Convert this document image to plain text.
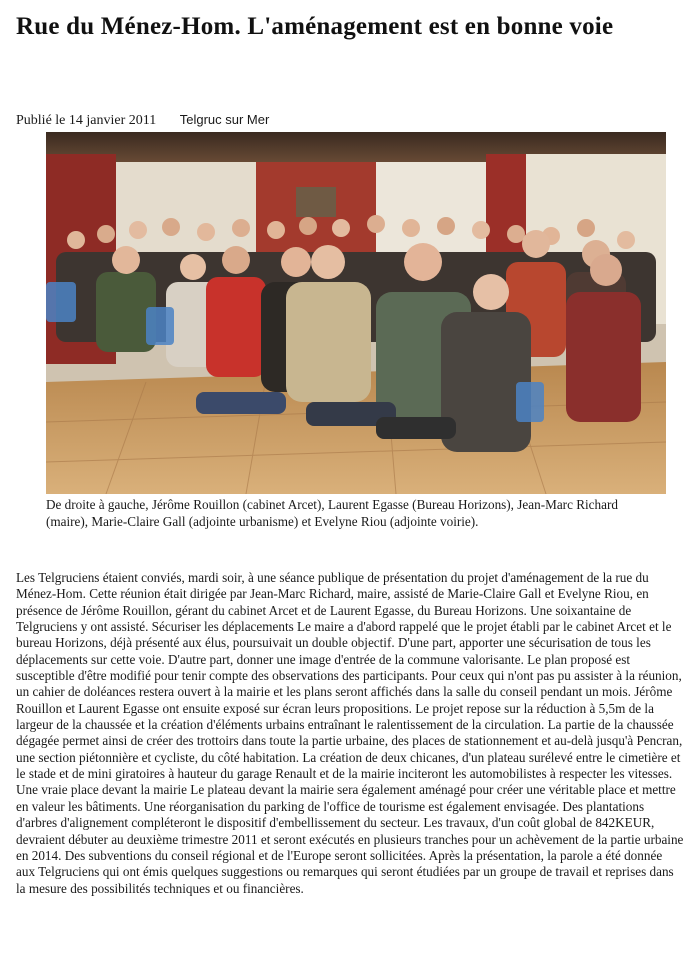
Rue du Ménez-Hom. L'aménagement est en bonne voie
Publié le 14 janvier 2011 Telgruc sur Mer

Les Telgruciens étaient conviés, mardi soir, à une séance publique de présentation du projet d'aménagement de la rue du Ménez-Hom. Cette réunion était dirigée par Jean-Marc Richard, maire, assisté de Marie-Claire Gall et Evelyne Riou, en présence de Jérôme Rouillon, gérant du cabinet Arcet et de Laurent Egasse, du Bureau Horizons. Une soixantaine de Telgruciens y ont assisté. Sécuriser les déplacements Le maire a d'abord rappelé que le projet établi par le cabinet Arcet et le bureau Horizons, déjà présenté aux élus, poursuivait un double objectif. D'une part, apporter une sécurisation de tous les déplacements sur cette voie. D'autre part, donner une image d'entrée de la commune valorisante. Le plan proposé est susceptible d'être modifié pour tenir compte des observations des participants. Pour ceux qui n'ont pas pu assister à la réunion, un cahier de doléances restera ouvert à la mairie et les plans seront affichés dans la salle du conseil pendant un mois. Jérôme Rouillon et Laurent Egasse ont ensuite exposé sur écran leurs propositions. Le projet repose sur la réduction à 5,5m de la largeur de la chaussée et la création d'éléments urbains entraînant le ralentissement de la circulation. La partie de la chaussée dégagée permet ainsi de créer des trottoirs dans toute la partie urbaine, des places de stationnement et au-delà jusqu'à Pencran, une section piétonnière et cycliste, du côté habitation. La création de deux chicanes, d'un plateau surélevé entre le cimetière et le stade et de mini giratoires à hauteur du garage Renault et de la mairie inciteront les automobilistes à respecter les vitesses. Une vraie place devant la mairie Le plateau devant la mairie sera également aménagé pour créer une véritable place et mettre en valeur les bâtiments. Une réorganisation du parking de l'office de tourisme est également envisagée. Des plantations d'arbres d'alignement compléteront le dispositif d'embellissement du secteur. Les travaux, d'un coût global de 842KEUR, devraient débuter au deuxième trimestre 2011 et seront exécutés en plusieurs tranches pour un achèvement de la partie urbaine en 2014. Des subventions du conseil régional et de l'Europe seront sollicitées. Après la présentation, la parole a été donnée aux Telgruciens qui ont émis quelques suggestions ou remarques qui seront étudiées par un groupe de travail et reprises dans la mesure des possibilités techniques et ou financières.

De droite à gauche, Jérôme Rouillon (cabinet Arcet), Laurent Egasse (Bureau Horizons), Jean-Marc Richard (maire), Marie-Claire Gall (adjointe urbanisme) et Evelyne Riou (adjointe voirie).
